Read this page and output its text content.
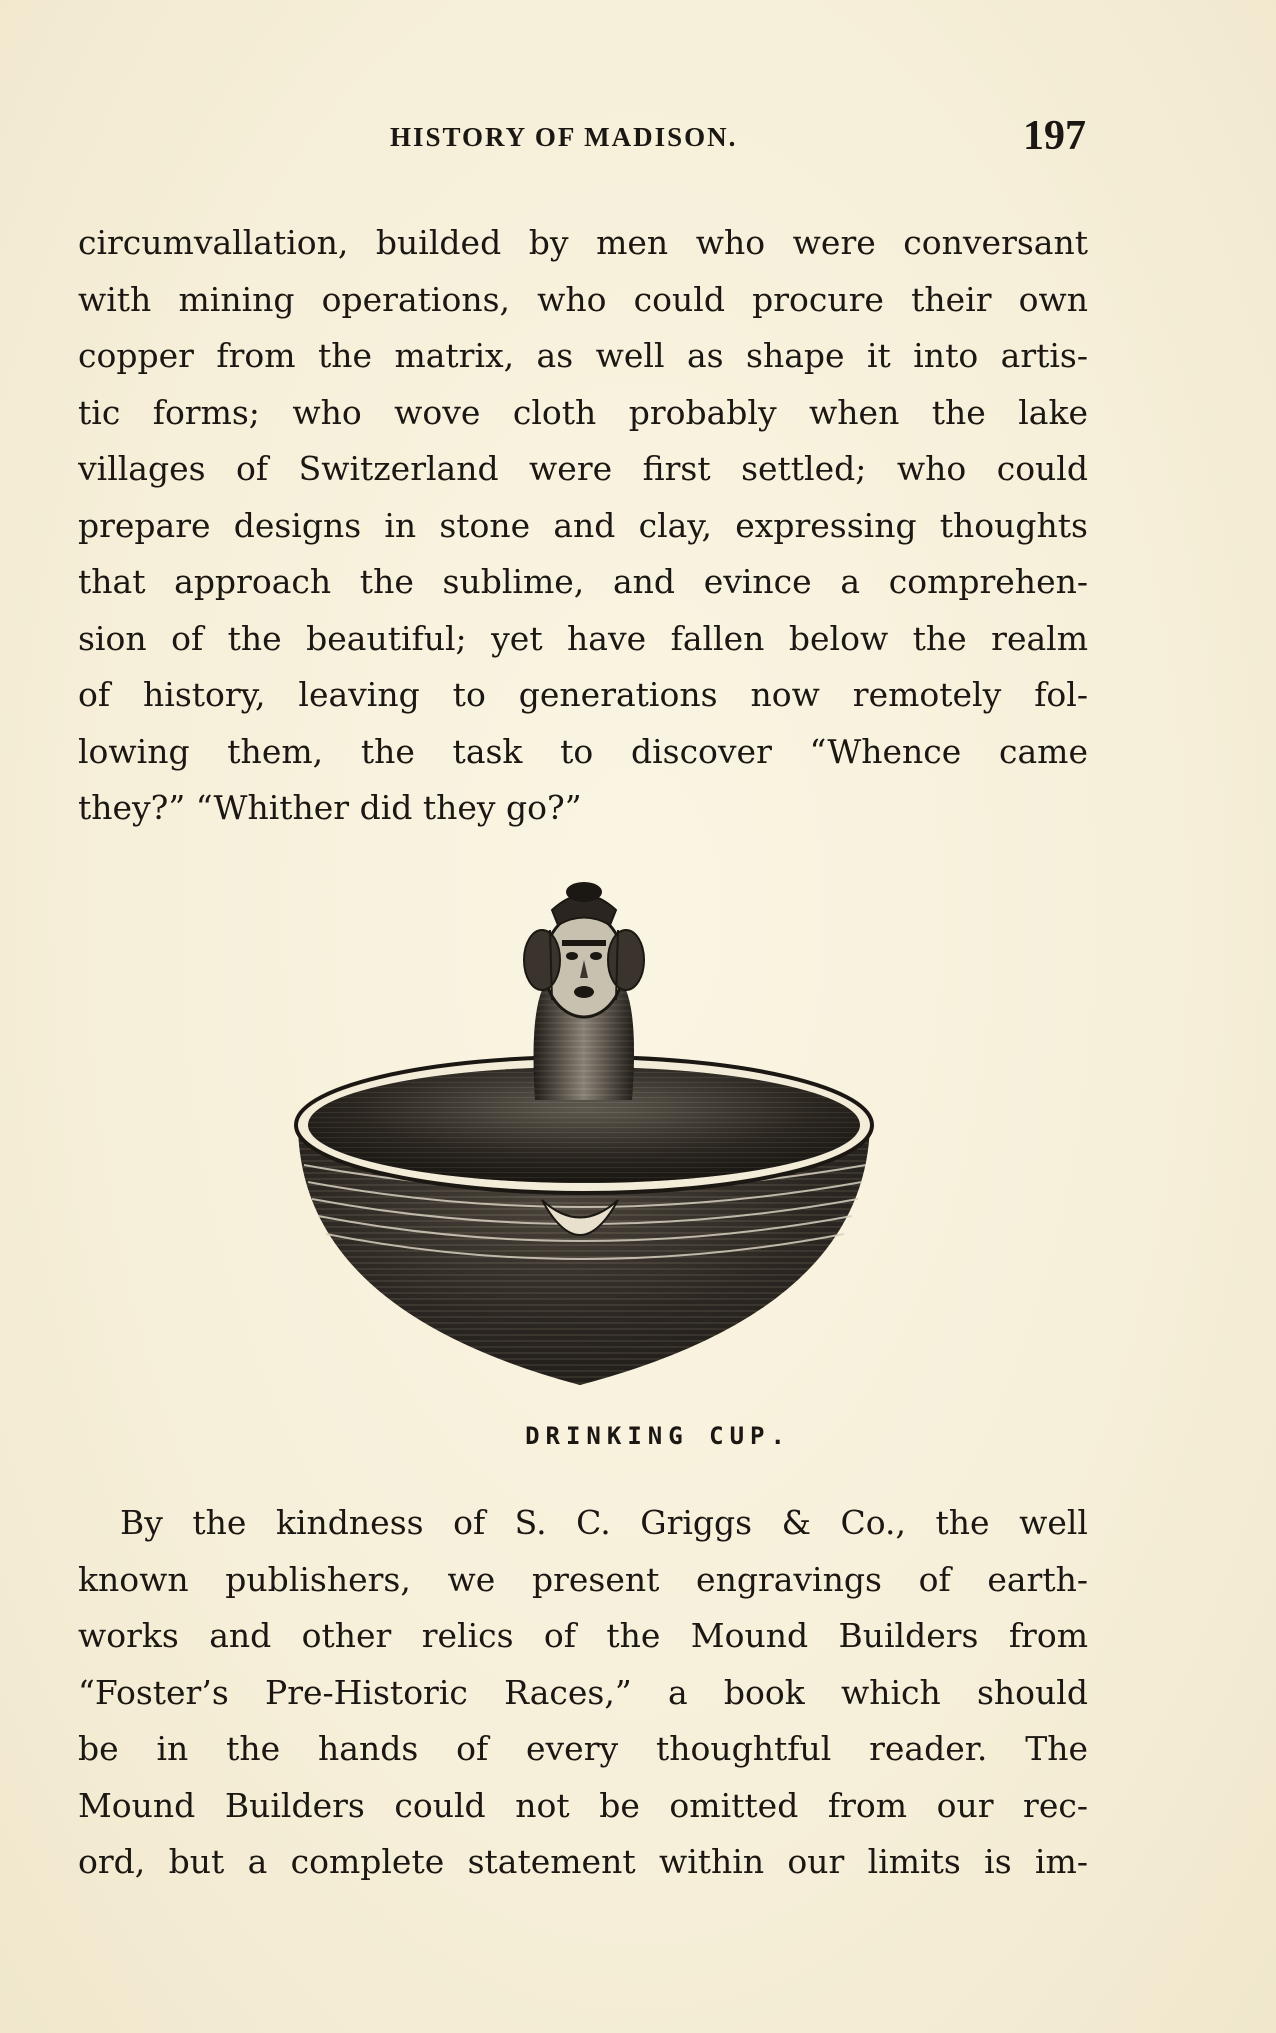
HISTORY OF MADISON.	197
circumvallation, builded by men who were conversant
with mining operations, who could procure their own
copper from the matrix, as well as shape it into artis-
tic forms; who wove cloth probably when the lake
villages of Switzerland were first settled; who could
prepare designs in stone and clay, expressing thoughts
that approach the sublime, and evince a comprehen-
sion of the beautiful; yet have fallen below the realm
of history, leaving to generations now remotely fol-
lowing them, the task to discover “Whence came
they?” “Whither did they go?”
DRINKING CUP.
By the kindness of S. C. Griggs & Co., the well
known publishers, we present engravings of earth-
works and other relics of the Mound Builders from
“Foster’s Pre-Historic Races,” a book which should
be in the hands of every thoughtful reader. The
Mound Builders could not be omitted from our rec-
ord, but a complete statement within our limits is im-
